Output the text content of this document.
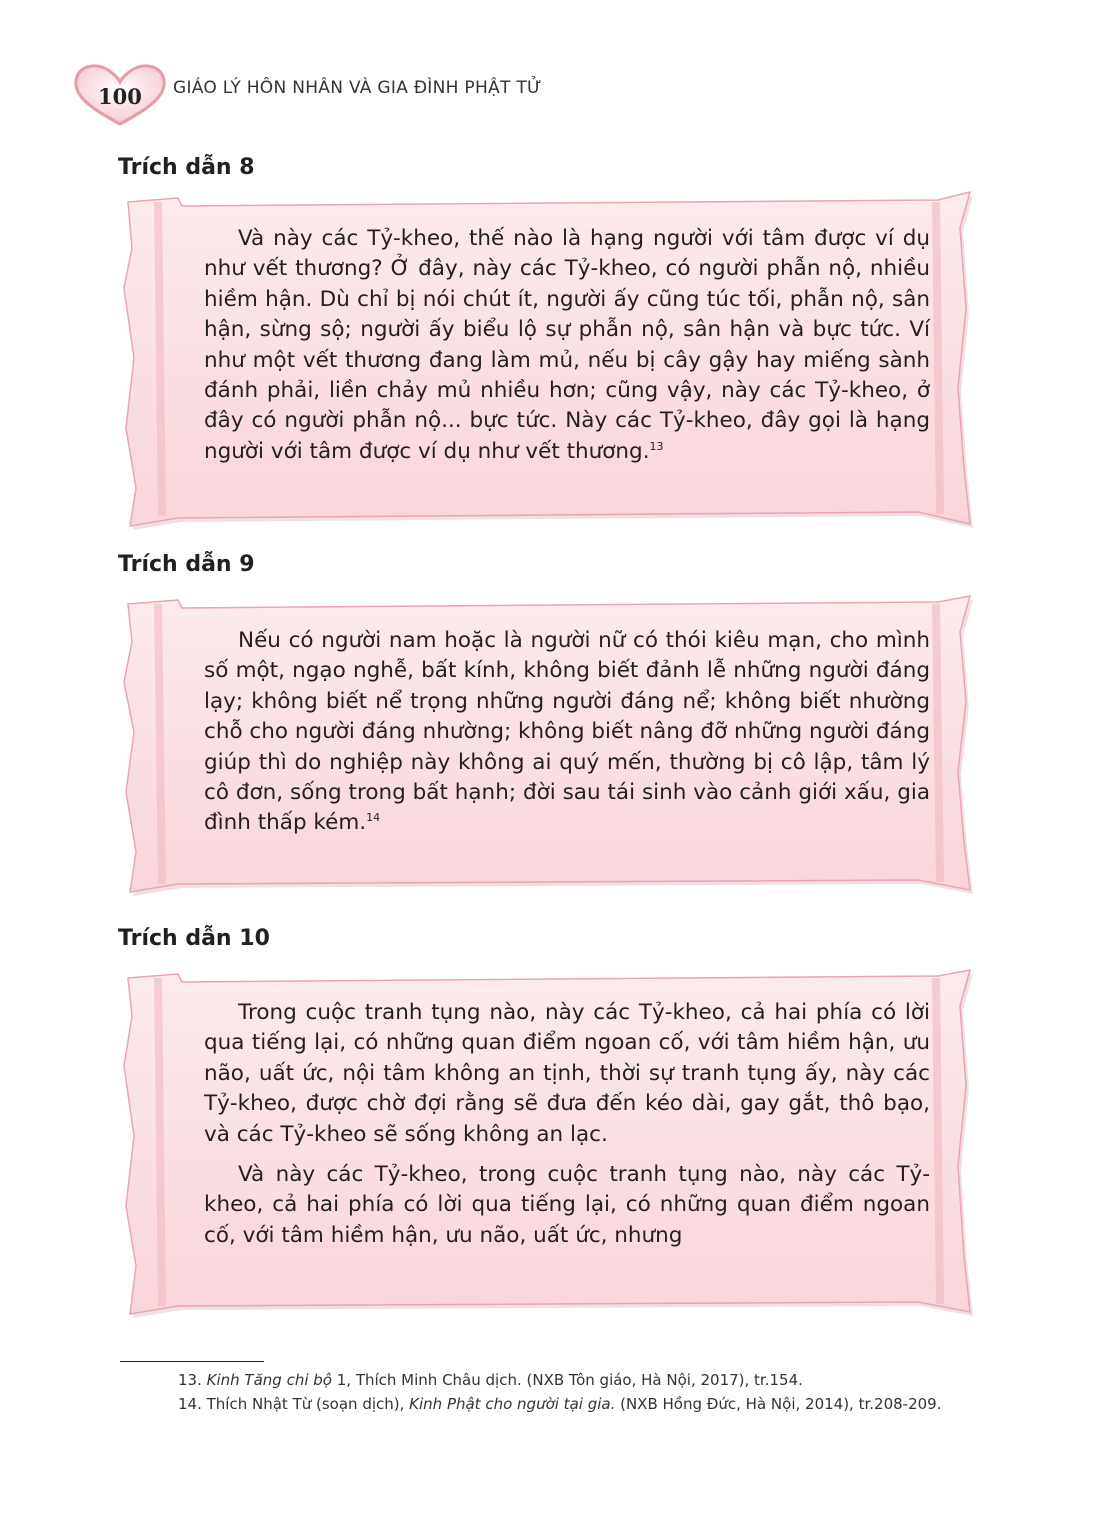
100 GIÁO LÝ HÔN NHÂN VÀ GIA ĐÌNH PHẬT TỬ
Trích dẫn 8

Và này các Tỷ-kheo, thế nào là hạng người với tâm được ví dụ như vết thương? Ở đây, này các Tỷ-kheo, có người phẫn nộ, nhiều hiềm hận. Dù chỉ bị nói chút ít, người ấy cũng túc tối, phẫn nộ, sân hận, sừng sộ; người ấy biểu lộ sự phẫn nộ, sân hận và bực tức. Ví như một vết thương đang làm mủ, nếu bị cây gậy hay miếng sành đánh phải, liền chảy mủ nhiều hơn; cũng vậy, này các Tỷ-kheo, ở đây có người phẫn nộ... bực tức. Này các Tỷ-kheo, đây gọi là hạng người với tâm được ví dụ như vết thương.$^{13}$

Trích dẫn 9

Nếu có người nam hoặc là người nữ có thói kiêu mạn, cho mình số một, ngạo nghễ, bất kính, không biết đảnh lễ những người đáng lạy; không biết nể trọng những người đáng nể; không biết nhường chỗ cho người đáng nhường; không biết nâng đỡ những người đáng giúp thì do nghiệp này không ai quý mến, thường bị cô lập, tâm lý cô đơn, sống trong bất hạnh; đời sau tái sinh vào cảnh giới xấu, gia đình thấp kém.$^{14}$

Trích dẫn 10

Trong cuộc tranh tụng nào, này các Tỷ-kheo, cả hai phía có lời qua tiếng lại, có những quan điểm ngoan cố, với tâm hiềm hận, ưu não, uất ức, nội tâm không an tịnh, thời sự tranh tụng ấy, này các Tỷ-kheo, được chờ đợi rằng sẽ đưa đến kéo dài, gay gắt, thô bạo, và các Tỷ-kheo sẽ sống không an lạc.

Và này các Tỷ-kheo, trong cuộc tranh tụng nào, này các Tỷ-kheo, cả hai phía có lời qua tiếng lại, có những quan điểm ngoan cố, với tâm hiềm hận, ưu não, uất ức, nhưng

13. Kinh Tăng chi bộ 1, Thích Minh Châu dịch. (NXB Tôn giáo, Hà Nội, 2017), tr.154.

14. Thích Nhật Từ (soạn dịch), Kinh Phật cho người tại gia. (NXB Hồng Đức, Hà Nội, 2014), tr.208-209.
